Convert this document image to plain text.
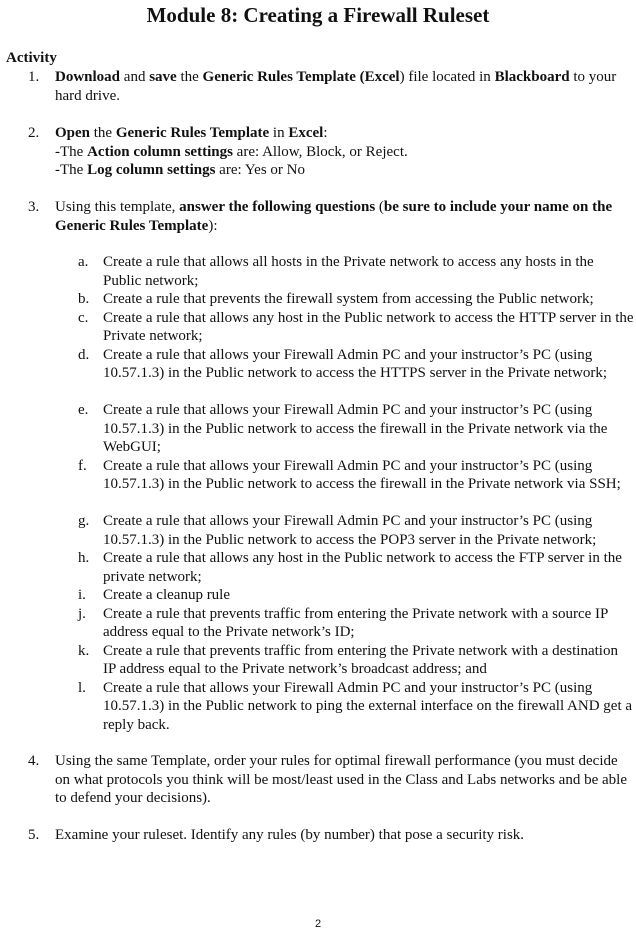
Module 8: Creating a Firewall Ruleset
Activity
1. Download and save the Generic Rules Template (Excel) file located in Blackboard to your hard drive.
2. Open the Generic Rules Template in Excel:
-The Action column settings are: Allow, Block, or Reject.
-The Log column settings are: Yes or No
3. Using this template, answer the following questions (be sure to include your name on the Generic Rules Template):
a. Create a rule that allows all hosts in the Private network to access any hosts in the Public network;
b. Create a rule that prevents the firewall system from accessing the Public network;
c. Create a rule that allows any host in the Public network to access the HTTP server in the Private network;
d. Create a rule that allows your Firewall Admin PC and your instructor’s PC (using 10.57.1.3) in the Public network to access the HTTPS server in the Private network;
e. Create a rule that allows your Firewall Admin PC and your instructor’s PC (using 10.57.1.3) in the Public network to access the firewall in the Private network via the WebGUI;
f. Create a rule that allows your Firewall Admin PC and your instructor’s PC (using 10.57.1.3) in the Public network to access the firewall in the Private network via SSH;
g. Create a rule that allows your Firewall Admin PC and your instructor’s PC (using 10.57.1.3) in the Public network to access the POP3 server in the Private network;
h. Create a rule that allows any host in the Public network to access the FTP server in the private network;
i. Create a cleanup rule
j. Create a rule that prevents traffic from entering the Private network with a source IP address equal to the Private network’s ID;
k. Create a rule that prevents traffic from entering the Private network with a destination IP address equal to the Private network’s broadcast address; and
l. Create a rule that allows your Firewall Admin PC and your instructor’s PC (using 10.57.1.3) in the Public network to ping the external interface on the firewall AND get a reply back.
4. Using the same Template, order your rules for optimal firewall performance (you must decide on what protocols you think will be most/least used in the Class and Labs networks and be able to defend your decisions).
5. Examine your ruleset. Identify any rules (by number) that pose a security risk.
2
